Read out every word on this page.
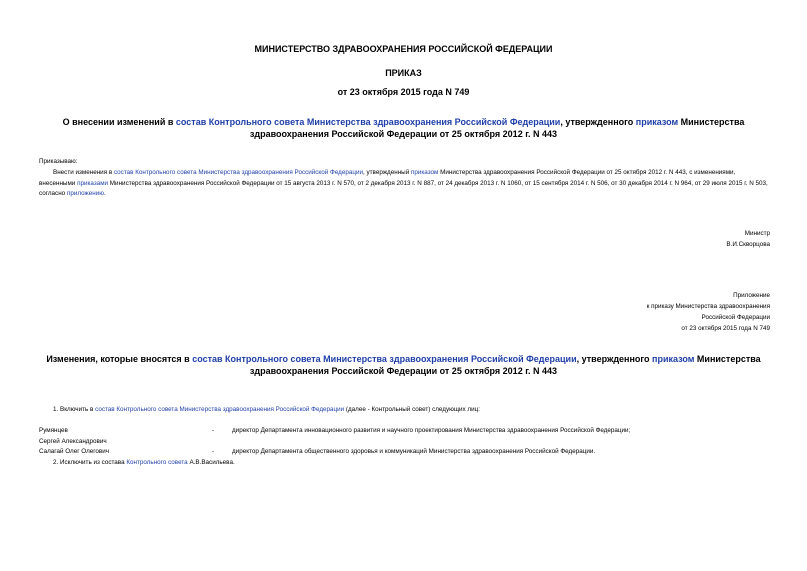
МИНИСТЕРСТВО ЗДРАВООХРАНЕНИЯ РОССИЙСКОЙ ФЕДЕРАЦИИ
ПРИКАЗ
от 23 октября 2015 года N 749
О внесении изменений в состав Контрольного совета Министерства здравоохранения Российской Федерации, утвержденного приказом Министерства здравоохранения Российской Федерации от 25 октября 2012 г. N 443
Приказываю:
Внести изменения в состав Контрольного совета Министерства здравоохранения Российской Федерации, утвержденный приказом Министерства здравоохранения Российской Федерации от 25 октября 2012 г. N 443, с изменениями, внесенными приказами Министерства здравоохранения Российской Федерации от 15 августа 2013 г. N 570, от 2 декабря 2013 г. N 887, от 24 декабря 2013 г. N 1060, от 15 сентября 2014 г. N 506, от 30 декабря 2014 г. N 964, от 29 июля 2015 г. N 503, согласно приложению.
Министр
В.И.Скворцова
Приложение
к приказу Министерства здравоохранения
Российской Федерации
от 23 октября 2015 года N 749
Изменения, которые вносятся в состав Контрольного совета Министерства здравоохранения Российской Федерации, утвержденного приказом Министерства здравоохранения Российской Федерации от 25 октября 2012 г. N 443
1. Включить в состав Контрольного совета Министерства здравоохранения Российской Федерации (далее - Контрольный совет) следующих лиц:
Румянцев
Сергей Александрович
-	директор Департамента инновационного развития и научного проектирования Министерства здравоохранения Российской Федерации;
Салагай Олег Олегович	-	директор Департамента общественного здоровья и коммуникаций Министерства здравоохранения Российской Федерации.
2. Исключить из состава Контрольного совета А.В.Васильева.
